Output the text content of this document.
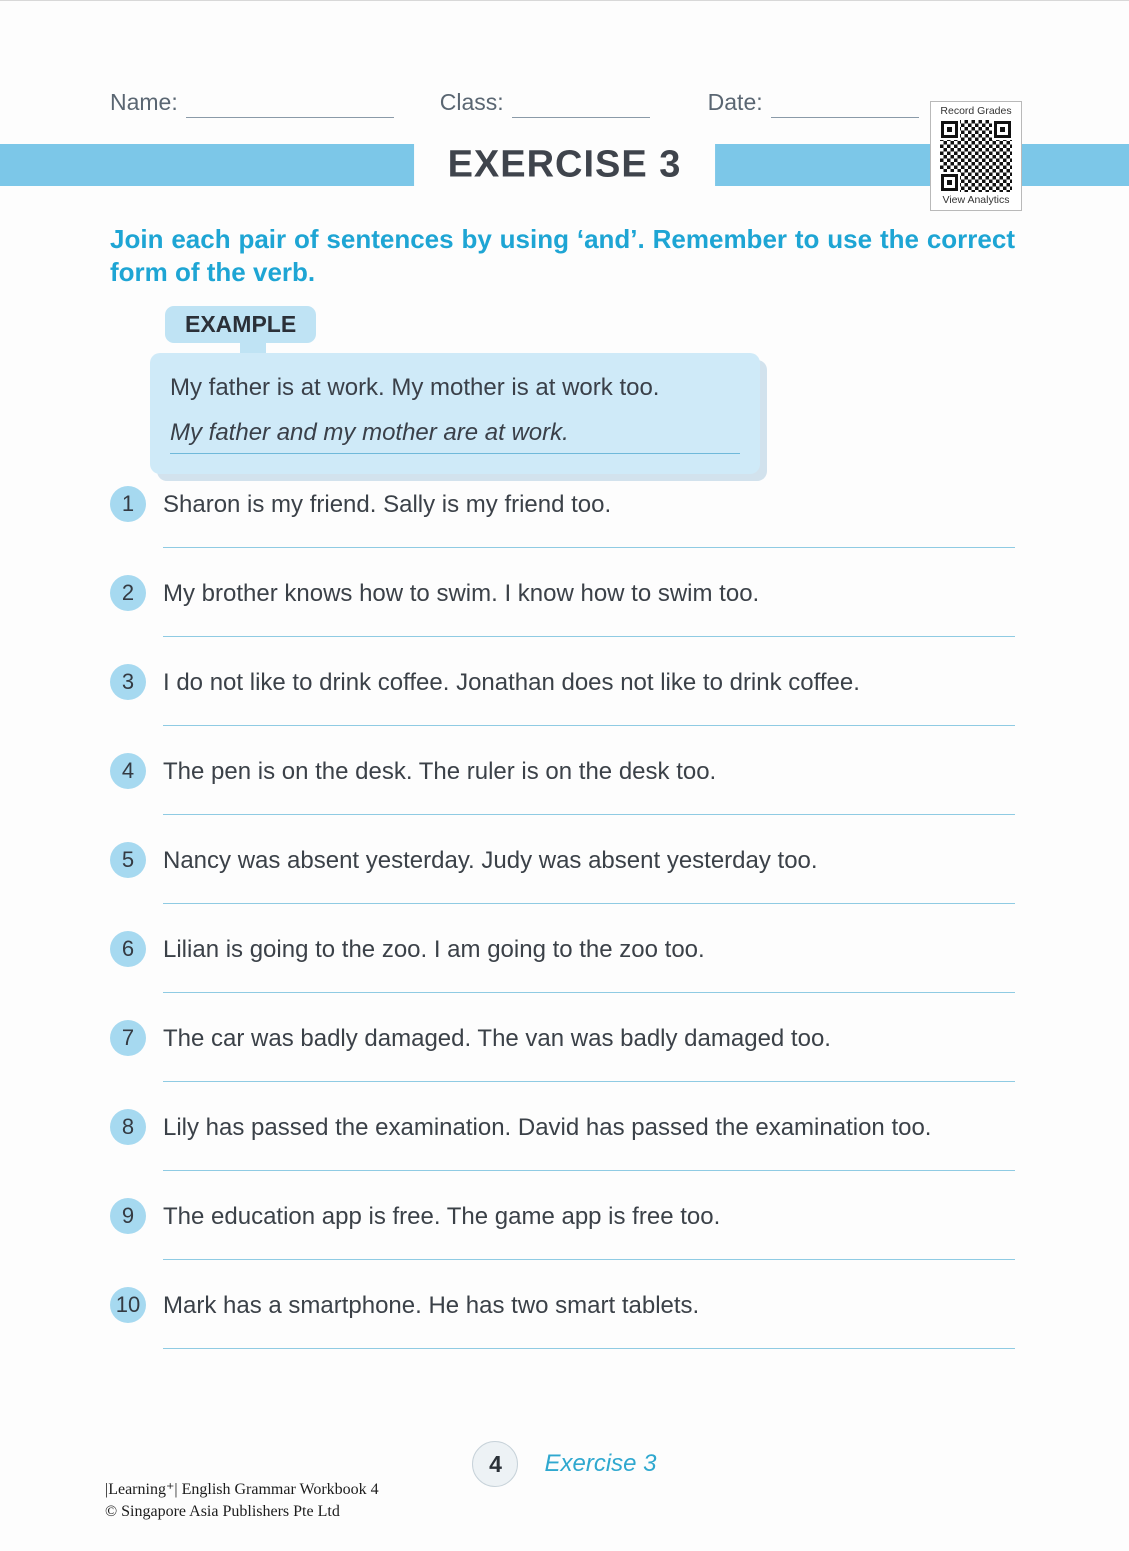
Name:	Class:	Date:
EXERCISE 3
Record Grades
View Analytics
Join each pair of sentences by using ‘and’. Remember to use the correct form of the verb.
EXAMPLE
My father is at work. My mother is at work too.
My father and my mother are at work.
1	Sharon is my friend. Sally is my friend too.
2	My brother knows how to swim. I know how to swim too.
3	I do not like to drink coffee. Jonathan does not like to drink coffee.
4	The pen is on the desk. The ruler is on the desk too.
5	Nancy was absent yesterday. Judy was absent yesterday too.
6	Lilian is going to the zoo. I am going to the zoo too.
7	The car was badly damaged. The van was badly damaged too.
8	Lily has passed the examination. David has passed the examination too.
9	The education app is free. The game app is free too.
10 Mark has a smartphone. He has two smart tablets.
4	Exercise 3
|Learning⁺| English Grammar Workbook 4
© Singapore Asia Publishers Pte Ltd
